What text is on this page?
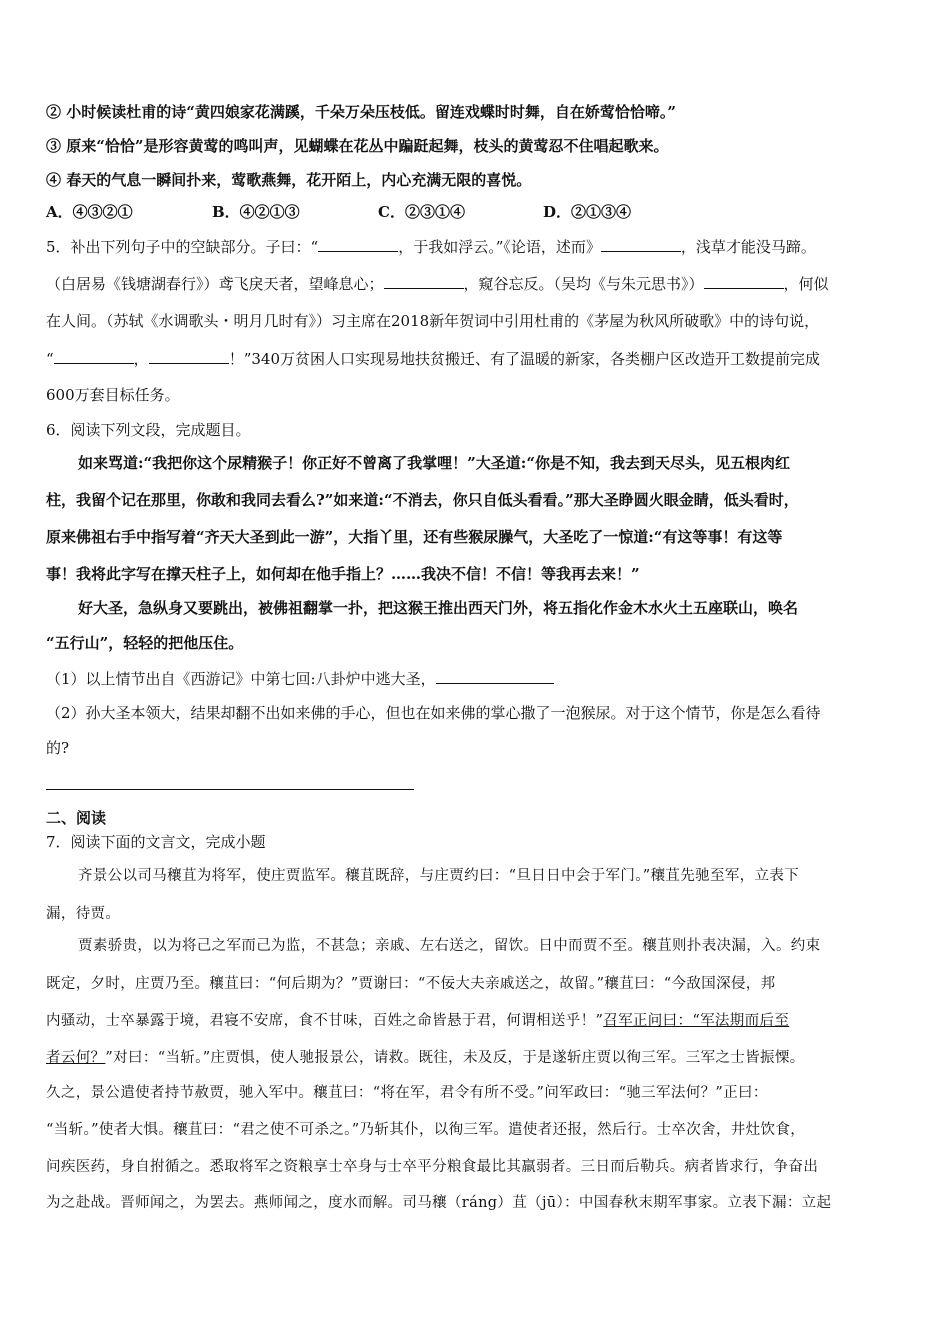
② 小时候读杜甫的诗“黄四娘家花满蹊，千朵万朵压枝低。留连戏蝶时时舞，自在娇莺恰恰啼。”
③ 原来“恰恰”是形容黄莺的鸣叫声，见蝴蝶在花丛中蹁跹起舞，枝头的黄莺忍不住唱起歌来。
④ 春天的气息一瞬间扑来，莺歌燕舞，花开陌上，内心充满无限的喜悦。
A．④③②①	B．④②①③	C．②③①④	D．②①③④
5．补出下列句子中的空缺部分。子曰：“	，于我如浮云。”《论语，述而》	，浅草才能没马蹄。
（白居易《钱塘湖春行》）鸢飞戾天者，望峰息心；	，窥谷忘反。（吴均《与朱元思书》）	，何似
在人间。（苏轼《水调歌头・明月几时有》）习主席在2018新年贺词中引用杜甫的《茅屋为秋风所破歌》中的诗句说，
“	，	！”340万贫困人口实现易地扶贫搬迁、有了温暖的新家，各类棚户区改造开工数提前完成
600万套目标任务。
6．阅读下列文段，完成题目。
如来骂道:“我把你这个尿精猴子！你正好不曾离了我掌哩！”大圣道:“你是不知，我去到天尽头，见五根肉红
柱，我留个记在那里，你敢和我同去看么?”如来道:“不消去，你只自低头看看。”那大圣睁圆火眼金睛，低头看时，
原来佛祖右手中指写着“齐天大圣到此一游”，大指丫里，还有些猴尿臊气，大圣吃了一惊道:“有这等事！有这等
事！我将此字写在撑天柱子上，如何却在他手指上？……我决不信！不信！等我再去来！”
好大圣，急纵身又要跳出，被佛祖翻掌一扑，把这猴王推出西天门外，将五指化作金木水火土五座联山，唤名
“五行山”，轻轻的把他压住。
（1）以上情节出自《西游记》中第七回:八卦炉中逃大圣，
（2）孙大圣本领大，结果却翻不出如来佛的手心，但也在如来佛的掌心撒了一泡猴尿。对于这个情节，你是怎么看待
的?
二、阅读
7．阅读下面的文言文，完成小题
齐景公以司马穰苴为将军，使庄贾监军。穰苴既辞，与庄贾约曰：“旦日日中会于军门。”穰苴先驰至军，立表下
漏，待贾。
贾素骄贵，以为将己之军而己为监，不甚急；亲戚、左右送之，留饮。日中而贾不至。穰苴则扑表决漏，入。约束
既定，夕时，庄贾乃至。穰苴曰：“何后期为？”贾谢曰：“不佞大夫亲戚送之，故留。”穰苴曰：“今敌国深侵，邦
内骚动，士卒暴露于境，君寝不安席，食不甘味，百姓之命皆悬于君，何谓相送乎！”召军正问曰：“军法期而后至
者云何？”对曰：“当斩。”庄贾惧，使人驰报景公，请救。既往，未及反，于是遂斩庄贾以徇三军。三军之士皆振慄。
久之，景公遣使者持节赦贾，驰入军中。穰苴曰：“将在军，君令有所不受。”问军政曰：“驰三军法何？”正曰：
“当斩。”使者大惧。穰苴曰：“君之使不可杀之。”乃斩其仆，以徇三军。遣使者还报，然后行。士卒次舍，井灶饮食，
问疾医药，身自拊循之。悉取将军之资粮享士卒身与士卒平分粮食最比其羸弱者。三日而后勒兵。病者皆求行，争奋出
为之赴战。晋师闻之，为罢去。燕师闻之，度水而解。司马穰（ráng）苴（jū）：中国春秋末期军事家。立表下漏：立起
